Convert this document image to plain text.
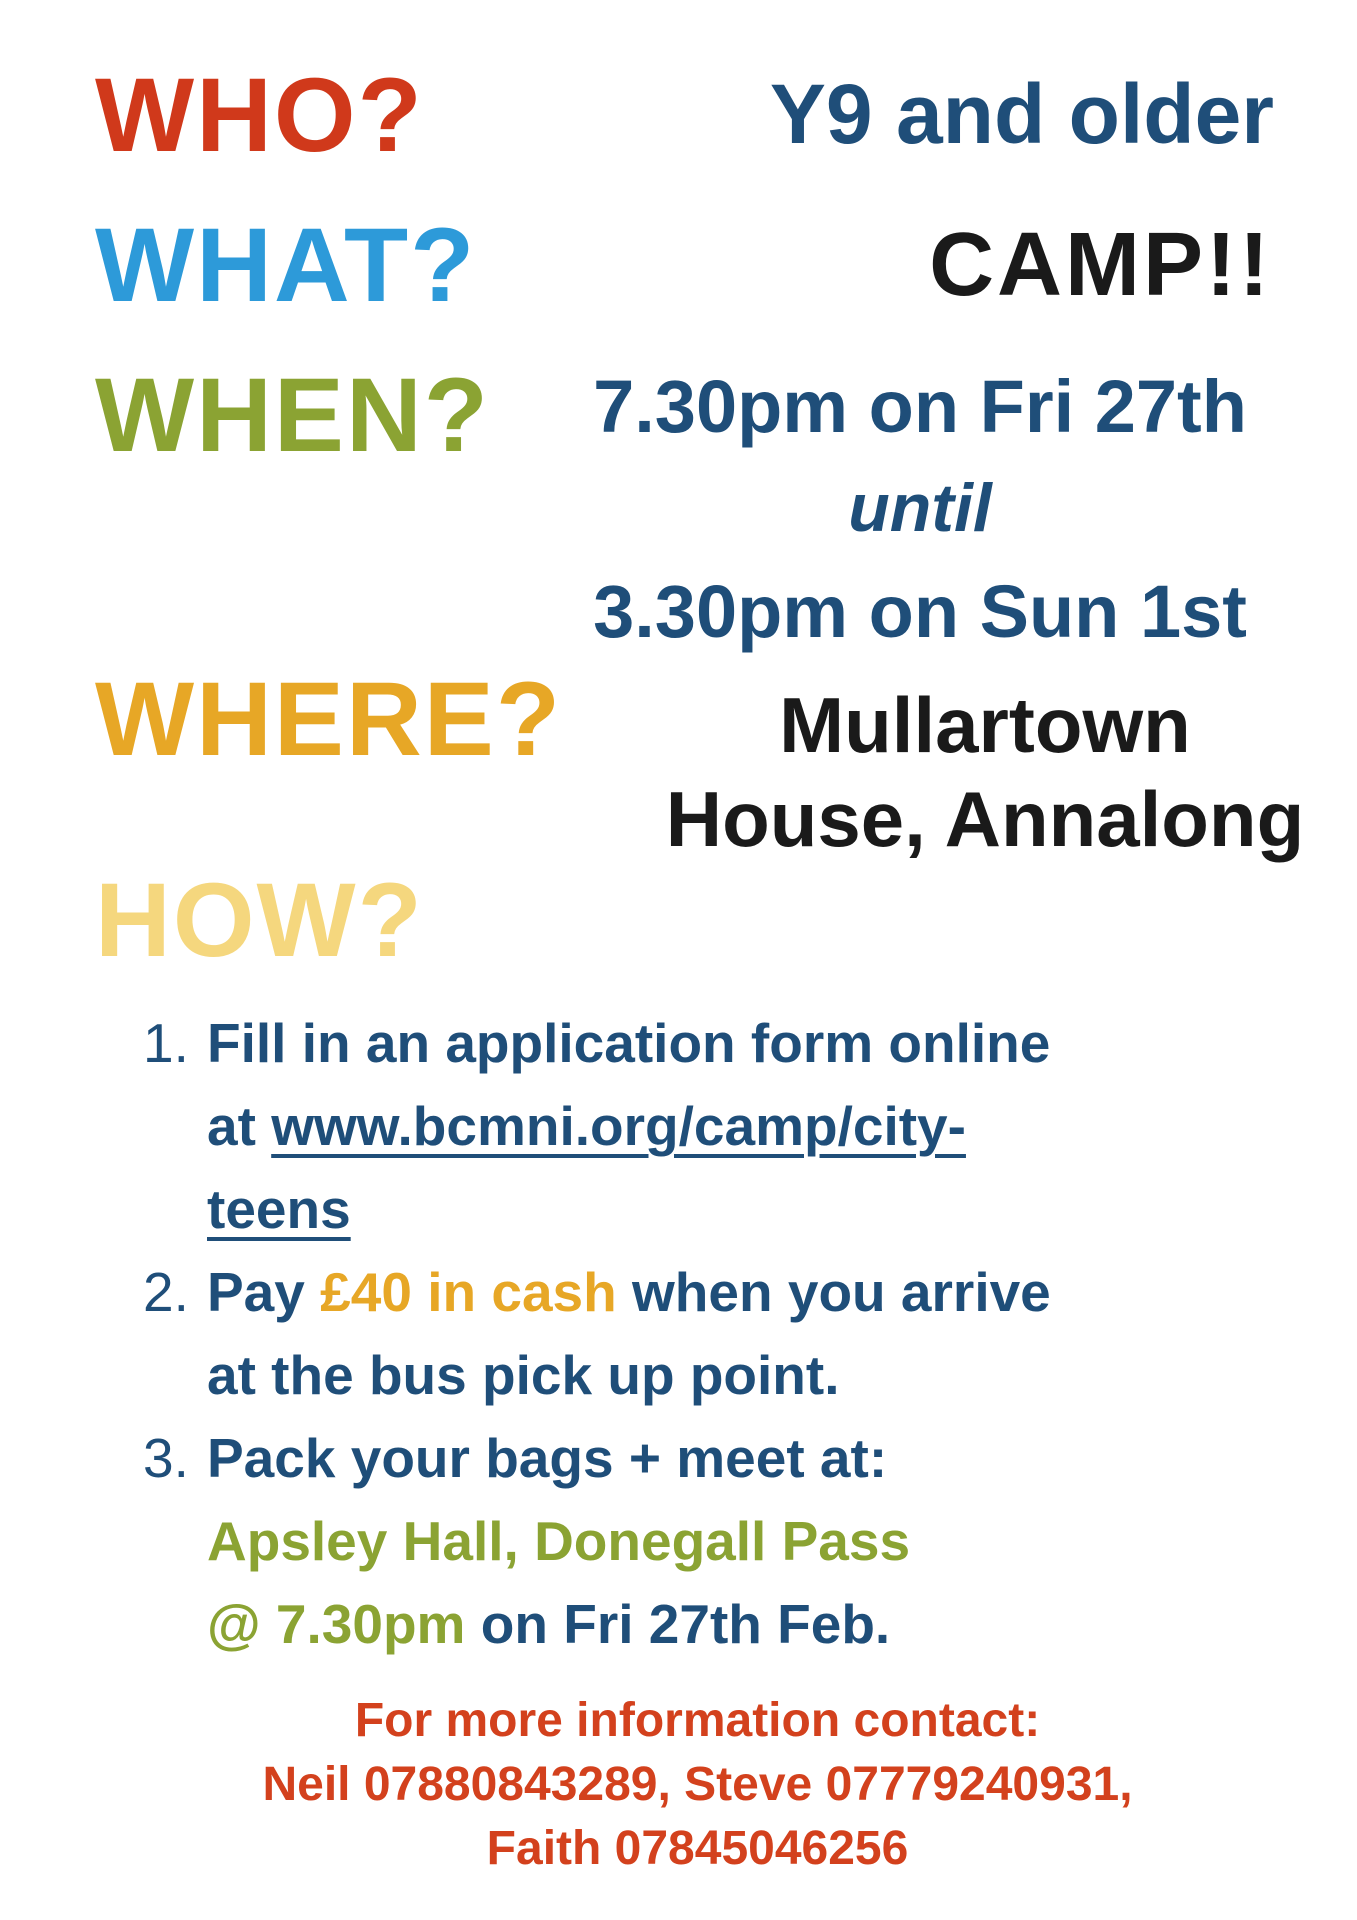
WHO?	Y9 and older
WHAT?	CAMP!!
WHEN?	7.30pm on Fri 27th
until
3.30pm on Sun 1st
WHERE?	Mullartown
House, Annalong
HOW?
1. Fill in an application form online
at www.bcmni.org/camp/city-
teens
2. Pay £40 in cash when you arrive
at the bus pick up point.
3. Pack your bags + meet at:
Apsley Hall, Donegall Pass
@ 7.30pm on Fri 27th Feb.
For more information contact:
Neil 07880843289, Steve 07779240931,
Faith 07845046256
